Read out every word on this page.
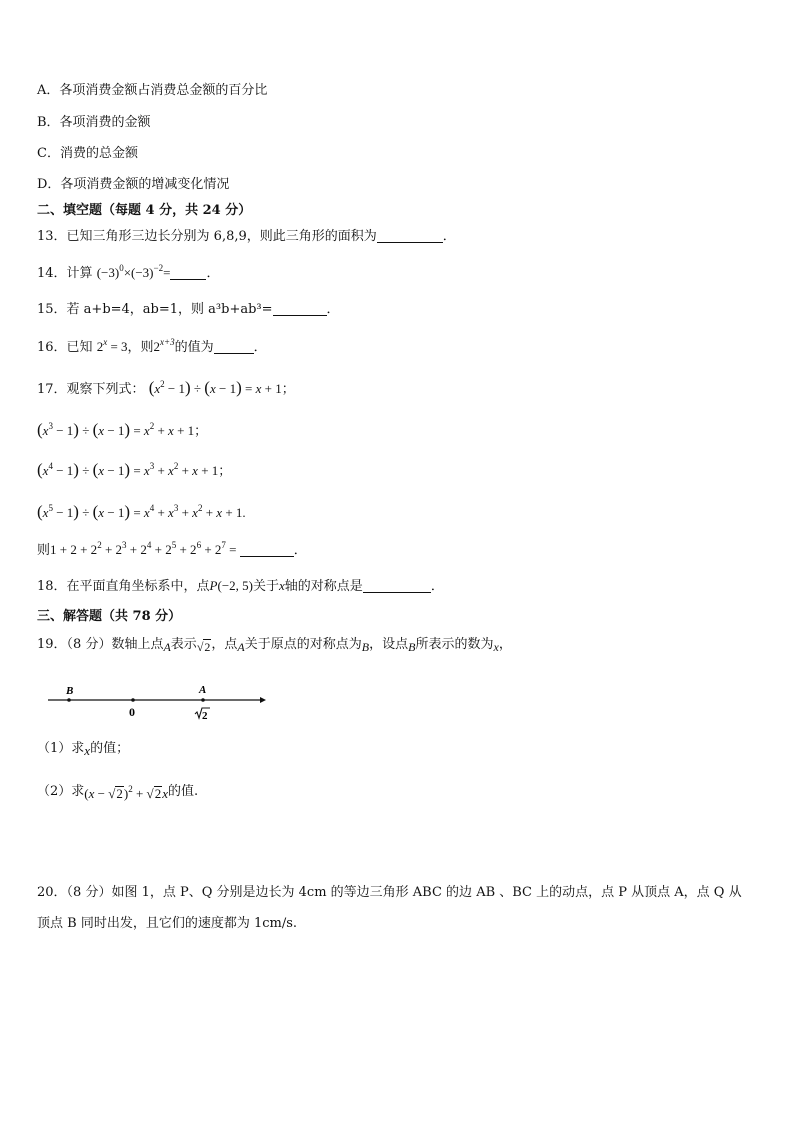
A．各项消费金额占消费总金额的百分比
B．各项消费的金额
C．消费的总金额
D．各项消费金额的增减变化情况
二、填空题（每题 4 分，共 24 分）
13．已知三角形三边长分别为 6,8,9，则此三角形的面积为	．
14．计算 $(-3)^0\times(-3)^{-2}=$	．
15．若 a+b=4，ab=1，则 a³b+ab³=	．
16．已知 $2^x = 3$，则$2^{x+3}$的值为	．
17．观察下列式： $(x^2 - 1) \div (x - 1) = x + 1$；
$(x^3 - 1) \div (x - 1) = x^2 + x + 1$；
$(x^4 - 1) \div (x - 1) = x^3 + x^2 + x + 1$；
$(x^5 - 1) \div (x - 1) = x^4 + x^3 + x^2 + x + 1$.
则$1 + 2 + 2^2 + 2^3 + 2^4 + 2^5 + 2^6 + 2^7$ =	．
18．在平面直角坐标系中，点P(−2, 5)关于x轴的对称点是	．
三、解答题（共 78 分）
19．（8 分）数轴上点A表示√2，点A关于原点的对称点为B，设点B所表示的数为x，
B	A
0	2
（1）求x的值；
（2）求$(x - √2)^2 + √2x$的值.
20．（8 分）如图 1，点 P、Q 分别是边长为 4cm 的等边三角形 ABC 的边 AB 、BC 上的动点，点 P 从顶点 A，点 Q 从
顶点 B 同时出发，且它们的速度都为 1cm/s.
